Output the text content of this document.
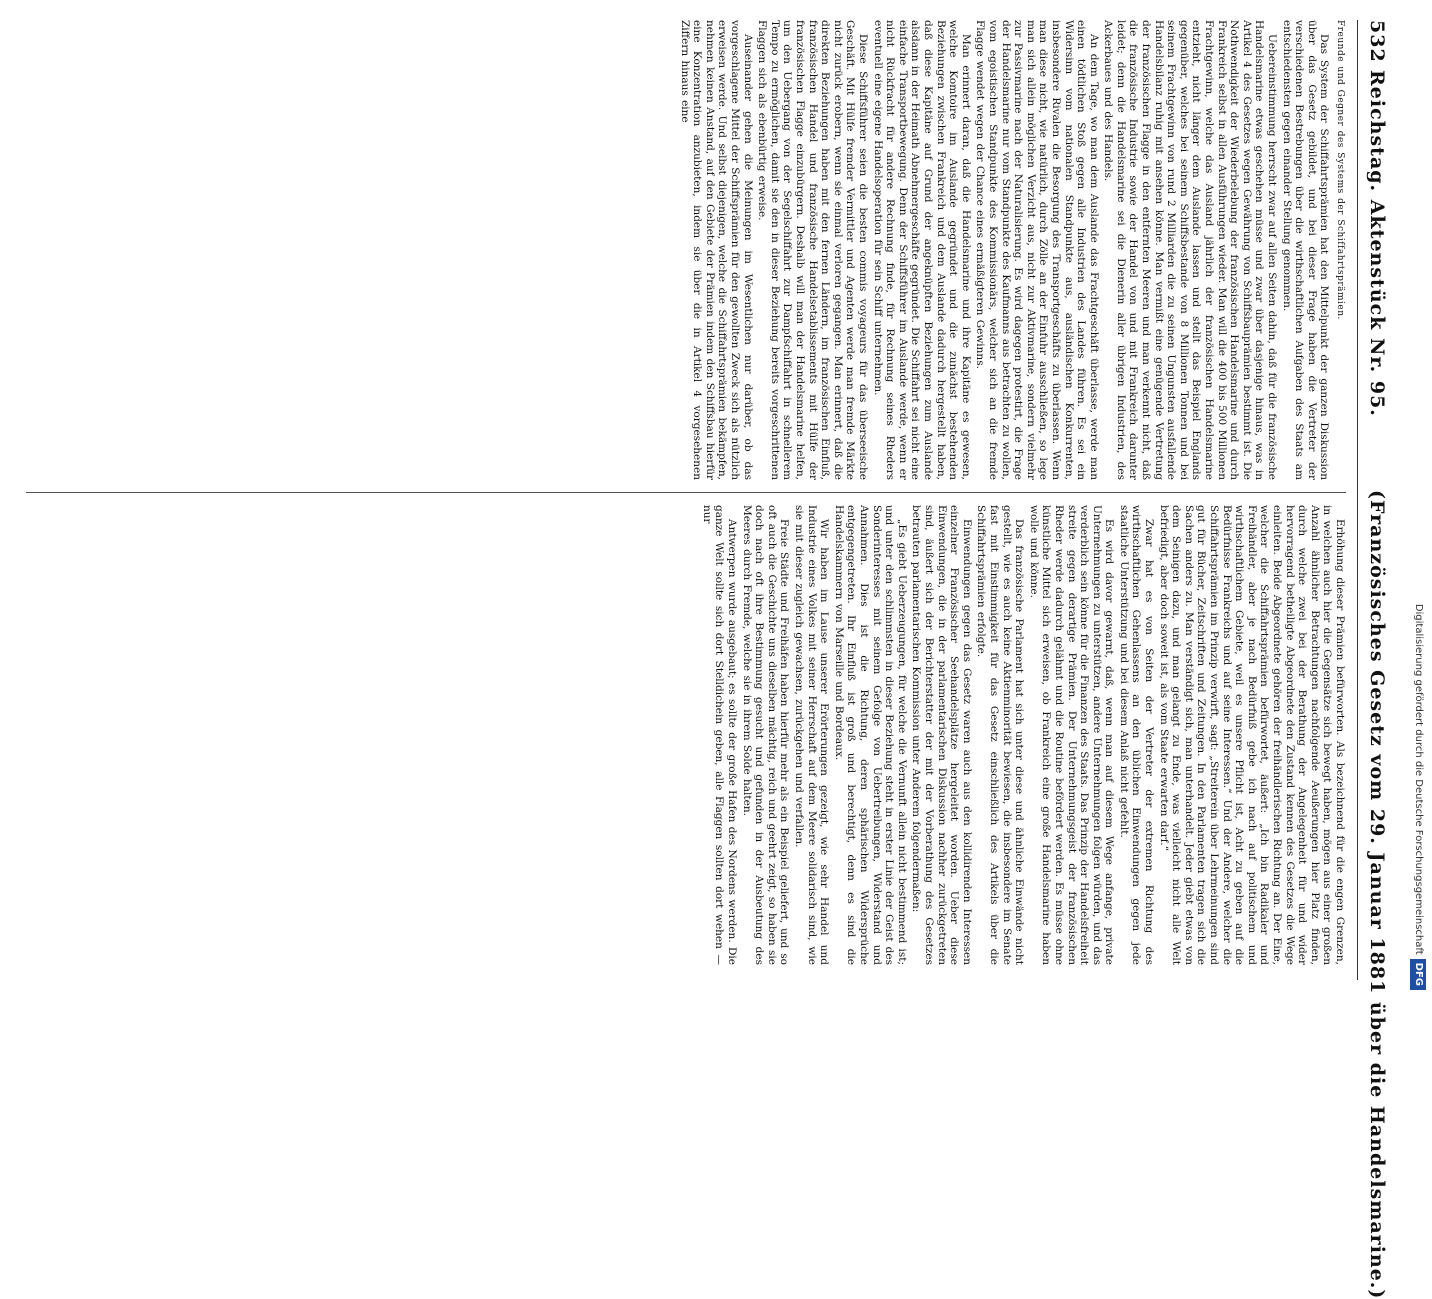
532
Reichstag. Aktenstück Nr. 95.
(Französisches Gesetz vom 29. Januar 1881 über die Handelsmarine.)
Freunde und Gegner des Systems der Schiffahrtsprämien.

Das System der Schiffahrtsprämien hat den Mittelpunkt der ganzen Diskussion über das Gesetz gebildet, und bei dieser Frage haben die Vertreter der verschiedenen Bestrebungen über die wirthschaftlichen Aufgaben des Staats am entschiedensten gegen einander Stellung genommen.

Uebereinstimmung herrscht zwar auf allen Seiten dahin, daß für die französische Handelsmarine etwas geschehen müsse und zwar über dasjenige hinaus, was in Artikel 4 des Gesetzes wegen Gewährung von Schiffsbauprämien bestimmt ist. Die Nothwendigkeit der Wiederbelebung der französischen Handelsmarine und durch Frankreich selbst in allen Ausführungen wieder. Man will die 400 bis 500 Millionen Frachtgewinn, welche das Ausland jährlich der französischen Handelsmarine entzieht, nicht länger dem Auslande lassen und stellt das Beispiel Englands gegenüber, welches bei seinem Schiffsbestande von 8 Millionen Tonnen und bei seinem Frachtgewinn von rund 2 Milliarden die zu seinen Ungunsten ausfallende Handelsbilanz ruhig mit ansehen könne. Man vermißt eine genügende Vertretung der französischen Flagge in den entfernten Meeren und man verkennt nicht, daß die französische Industrie sowie der Handel von und mit Frankreich darunter leidet; denn die Handelsmarine sei die Dienerin aller übrigen Industrien, des Ackerbaues und des Handels.

An dem Tage, wo man dem Auslande das Frachtgeschäft überlasse, werde man einen tödtlichen Stoß gegen alle Industrien des Landes führen. Es sei ein Widersinn vom nationalen Standpunkte aus, ausländischen Konkurrenten, insbesondere Rivalen die Besorgung des Transportgeschäfts zu überlassen. Wenn man diese nicht, wie natürlich, durch Zölle an der Einfuhr ausschließen, so lege man sich allein möglichen Verzicht aus, nicht zur Aktivmarine, sondern vielmehr zur Passivmarine nach der Naturalisierung. Es wird dagegen protestirt, die Frage der Handelsmarine nur vom Standpunkte des Kaufmanns aus betrachten zu wollen, vom egoistischen Standpunkte des Kommissionärs, welcher sich an die fremde Flagge wendet wegen der Chance eines ermäßigteren Gewinns.

Man erinnert daran, daß die Handelsmarine und ihre Kapitäne es gewesen, welche Komtoire im Auslande gegründet und die zunächst bestehenden Beziehungen zwischen Frankreich und dem Auslande dadurch hergestellt haben, daß diese Kapitäne auf Grund der angeknüpften Beziehungen zum Auslande alsdann in der Heimath Abnehmergeschäfte gegründet. Die Schiffahrt sei nicht eine einfache Transportbewegung. Denn der Schiffsführer im Auslande werde, wenn er nicht Rückfracht für andere Rechnung finde, für Rechnung seines Rheders eventuell eine eigene Handelsoperation für sein Schiff unternehmen.

Diese Schiffsführer seien die besten commis voyageurs für das überseeische Geschäft. Mit Hülfe fremder Vermittler und Agenten werde man fremde Märkte nicht zurück erobern, wenn sie einmal verloren gegangen. Man erinnert, daß die direkten Beziehungen haben mit den fernen Ländern, im französischen Einfluß, französischen Handel und französische Handelsetablissements mit Hülfe der französischen Flagge einzubürgern. Deshalb will man der Handelsmarine helfen, um den Uebergang von der Segelschiffahrt zur Dampfschiffahrt in schnellerem Tempo zu ermöglichen, damit sie den in dieser Beziehung bereits vorgeschrittenen Flaggen sich als ebenbürtig erweise.

Auseinander gehen die Meinungen im Wesentlichen nur darüber, ob das vorgeschlagene Mittel der Schiffsprämien für den gewollten Zweck sich als nützlich erweisen werde. Und selbst diejenigen, welche die Schiffahrtsprämien bekämpfen, nehmen keinen Anstand, auf den Gebiete der Prämien indem den Schiffsbau hierfür eine Konzentration anzubieten, indem sie über die in Artikel 4 vorgesehenen Ziffern hinaus eine

Erhöhung dieser Prämien befürworten. Als bezeichnend für die engen Grenzen, in welchen auch hier die Gegensätze sich bewegt haben, mögen aus einer großen Anzahl ähnlicher Betrachtungen nachfolgende Aeußerungen hier Platz finden, durch welche zwei bei der Berathung der Angelegenheit für und wider hervorragend betheiligte Abgeordnete den Zustand kennen des Gesetzes die Wege einleiten. Beide Abgeordnete gehören der freihändlerischen Richtung an. Der Eine, welcher die Schiffahrtsprämien befürwortet, äußert: „Ich bin Radikaler und Freihändler, aber je nach Bedürfniß gebe ich nach auf politischem und wirthschaftlichem Gebiete, weil es unsere Pflicht ist, Acht zu geben auf die Bedürfnisse Frankreichs und auf seine Interessen.“ Und der Andere, welcher die Schiffahrtsprämien im Prinzip verwirft, sagt: „Streiterein über Lehrmeinungen sind gut für Bücher, Zeitschriften und Zeitungen. In den Parlamenten tragen sich die Sachen anders zu. Man verständigt sich, man unterhandelt. Jeder giebt etwas von dem Seinigen dazu, und man gelangt zu Ende, was vielleicht nicht alle Welt befriedigt, aber doch soweit ist, als vom Staate erwarten darf.“

Zwar hat es von Seiten der Vertreter der extremen Richtung des wirthschaftlichen Gehenlassens an den üblichen Einwendungen gegen jede staatliche Unterstützung und bei diesem Anlaß nicht gefehlt.

Es wird davor gewarnt, daß, wenn man auf diesem Wege anfange, private Unternehmungen zu unterstützen, andere Unternehmungen folgen würden, und das verderblich sein könne für die Finanzen des Staats. Das Prinzip der Handelsfreiheit streite gegen derartige Prämien. Der Unternehmungsgeist der französischen Rheder werde dadurch gelähmt und die Routine befördert werden. Es müsse ohne künstliche Mittel sich erweisen, ob Frankreich eine große Handelsmarine haben wolle und könne.

Das französische Parlament hat sich unter diese und ähnliche Einwände nicht gestellt, wie es auch keine Aktienminorität bewiesen, die insbesondere im Senate fast mit Einstimmigkeit für das Gesetz einschließlich des Artikels über die Schiffahrtsprämien erfolgte.

Einwendungen gegen das Gesetz waren auch aus den kollidirenden Interessen einzelner Französischer Seehandelsplätze hergeleitet worden. Ueber diese Einwendungen, die in der parlamentarischen Diskussion nachher zurückgetreten sind, äußert sich der Berichterstatter der mit der Vorberathung des Gesetzes betrauten parlamentarischen Kommission unter Anderem folgendermaßen:

„Es giebt Ueberzeugungen, für welche die Vernunft allein nicht bestimmend ist; und unter den schlimmsten in dieser Beziehung steht in erster Linie der Geist des Sonderinteresses mit seinem Gefolge von Uebertreibungen, Widerstand und Annahmen. Dies ist die Richtung, deren sphärischen Widersprüche entgegengetreten. Ihr Einfluß ist groß und berechtigt, denn es sind die Handelskammern von Marseille und Bordeaux.

Wir haben im Lause unserer Erörterungen gezeigt, wie sehr Handel und Industrie eines Volkes mit seiner Herrschaft auf dem Meere solidarisch sind, wie sie mit dieser zugleich gewachsen, zurückgehen und verfallen.

Freie Städte und Freihäfen haben hierfür mehr als ein Beispiel geliefert, und so oft auch die Geschichte uns dieselben mächtig, reich und geehrt zeigt, so haben sie doch nach oft ihre Bestimmung gesucht und gefunden in der Ausbeutung des Meeres durch Fremde, welche sie in ihrem Solde halten.

Antwerpen wurde ausgebaut; es sollte der große Hafen des Nordens werden. Die ganze Welt sollte sich dort Stelldichein geben, alle Flaggen sollten dort wehen — nur

Digitalisierung gefördert durch die Deutsche ForschungsgemeinschaftDFG
